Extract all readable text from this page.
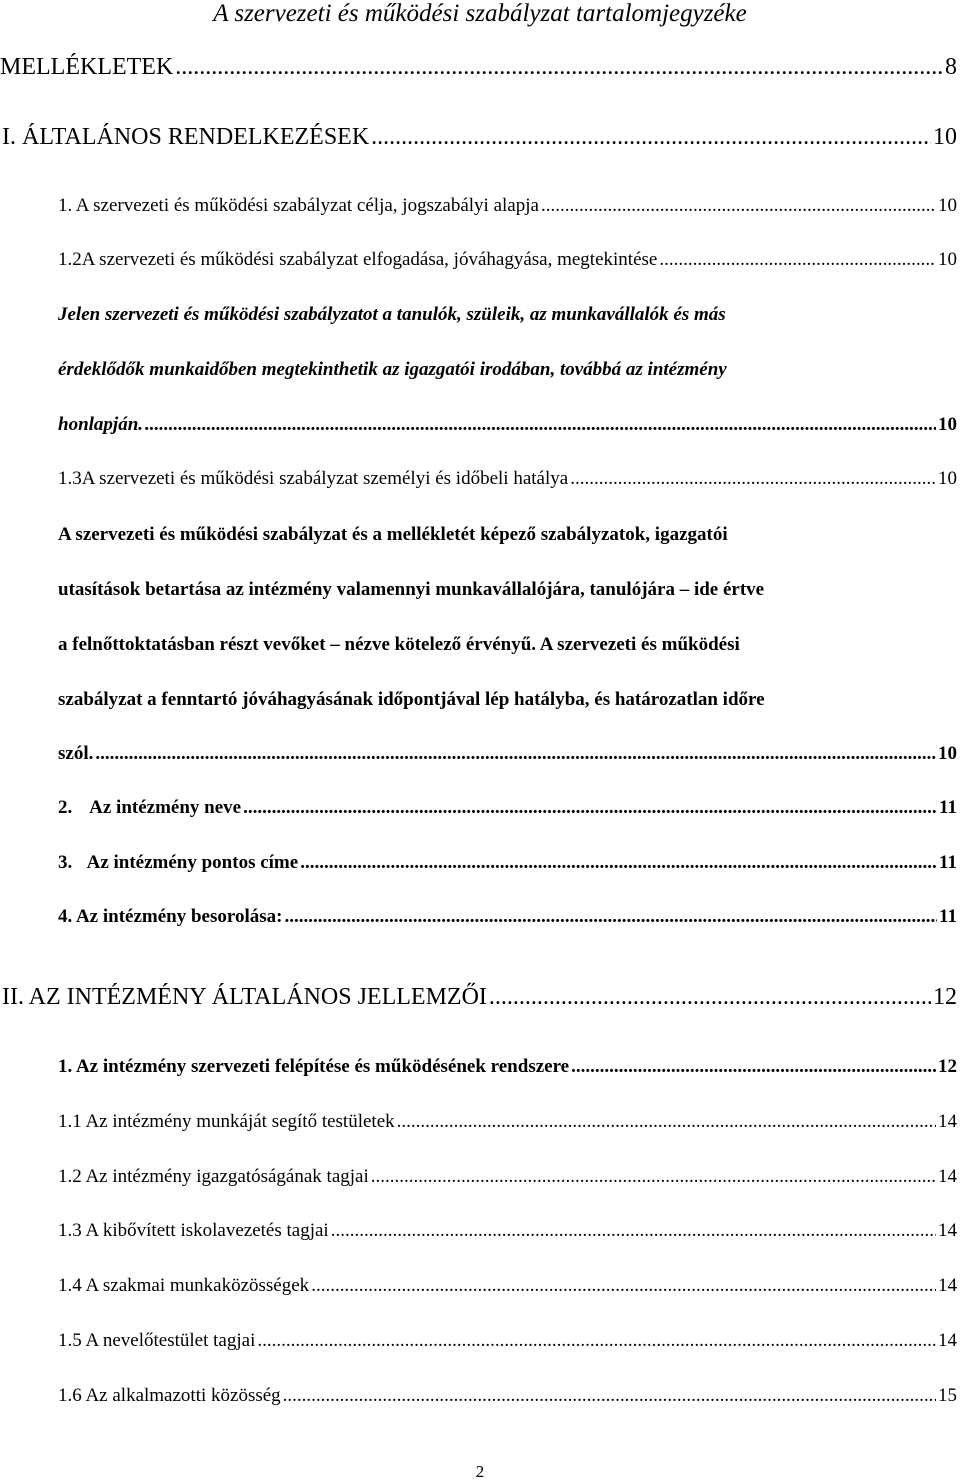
A szervezeti és működési szabályzat tartalomjegyzéke
MELLÉKLETEK .....	8
I. ÁLTALÁNOS RENDELKEZÉSEK .....	10
1. A szervezeti és működési szabályzat célja, jogszabályi alapja .....	10
1.2 A szervezeti és működési szabályzat elfogadása, jóváhagyása, megtekintése .....	10
Jelen szervezeti és működési szabályzatot a tanulók, szüleik, az munkavállalók és más
érdeklődők munkaidőben megtekinthetik az igazgatói irodában, továbbá az intézmény
honlapján. .....	10
1.3 A szervezeti és működési szabályzat személyi és időbeli hatálya .....	10
A szervezeti és működési szabályzat és a mellékletét képező szabályzatok, igazgatói
utasítások betartása az intézmény valamennyi munkavállalójára, tanulójára – ide értve
a felnőttoktatásban részt vevőket – nézve kötelező érvényű. A szervezeti és működési
szabályzat a fenntartó jóváhagyásának időpontjával lép hatályba, és határozatlan időre
szól. .....	10
2. Az intézmény neve .....	11
3. Az intézmény pontos címe .....	11
4. Az intézmény besorolása: .....	11
II. AZ INTÉZMÉNY ÁLTALÁNOS JELLEMZŐI .....	12
1. Az intézmény szervezeti felépítése és működésének rendszere .....	12
1.1 Az intézmény munkáját segítő testületek .....	14
1.2 Az intézmény igazgatóságának tagjai .....	14
1.3 A kibővített iskolavezetés tagjai .....	14
1.4 A szakmai munkaközösségek .....	14
1.5 A nevelőtestület tagjai .....	14
1.6 Az alkalmazotti közösség .....	15
2
